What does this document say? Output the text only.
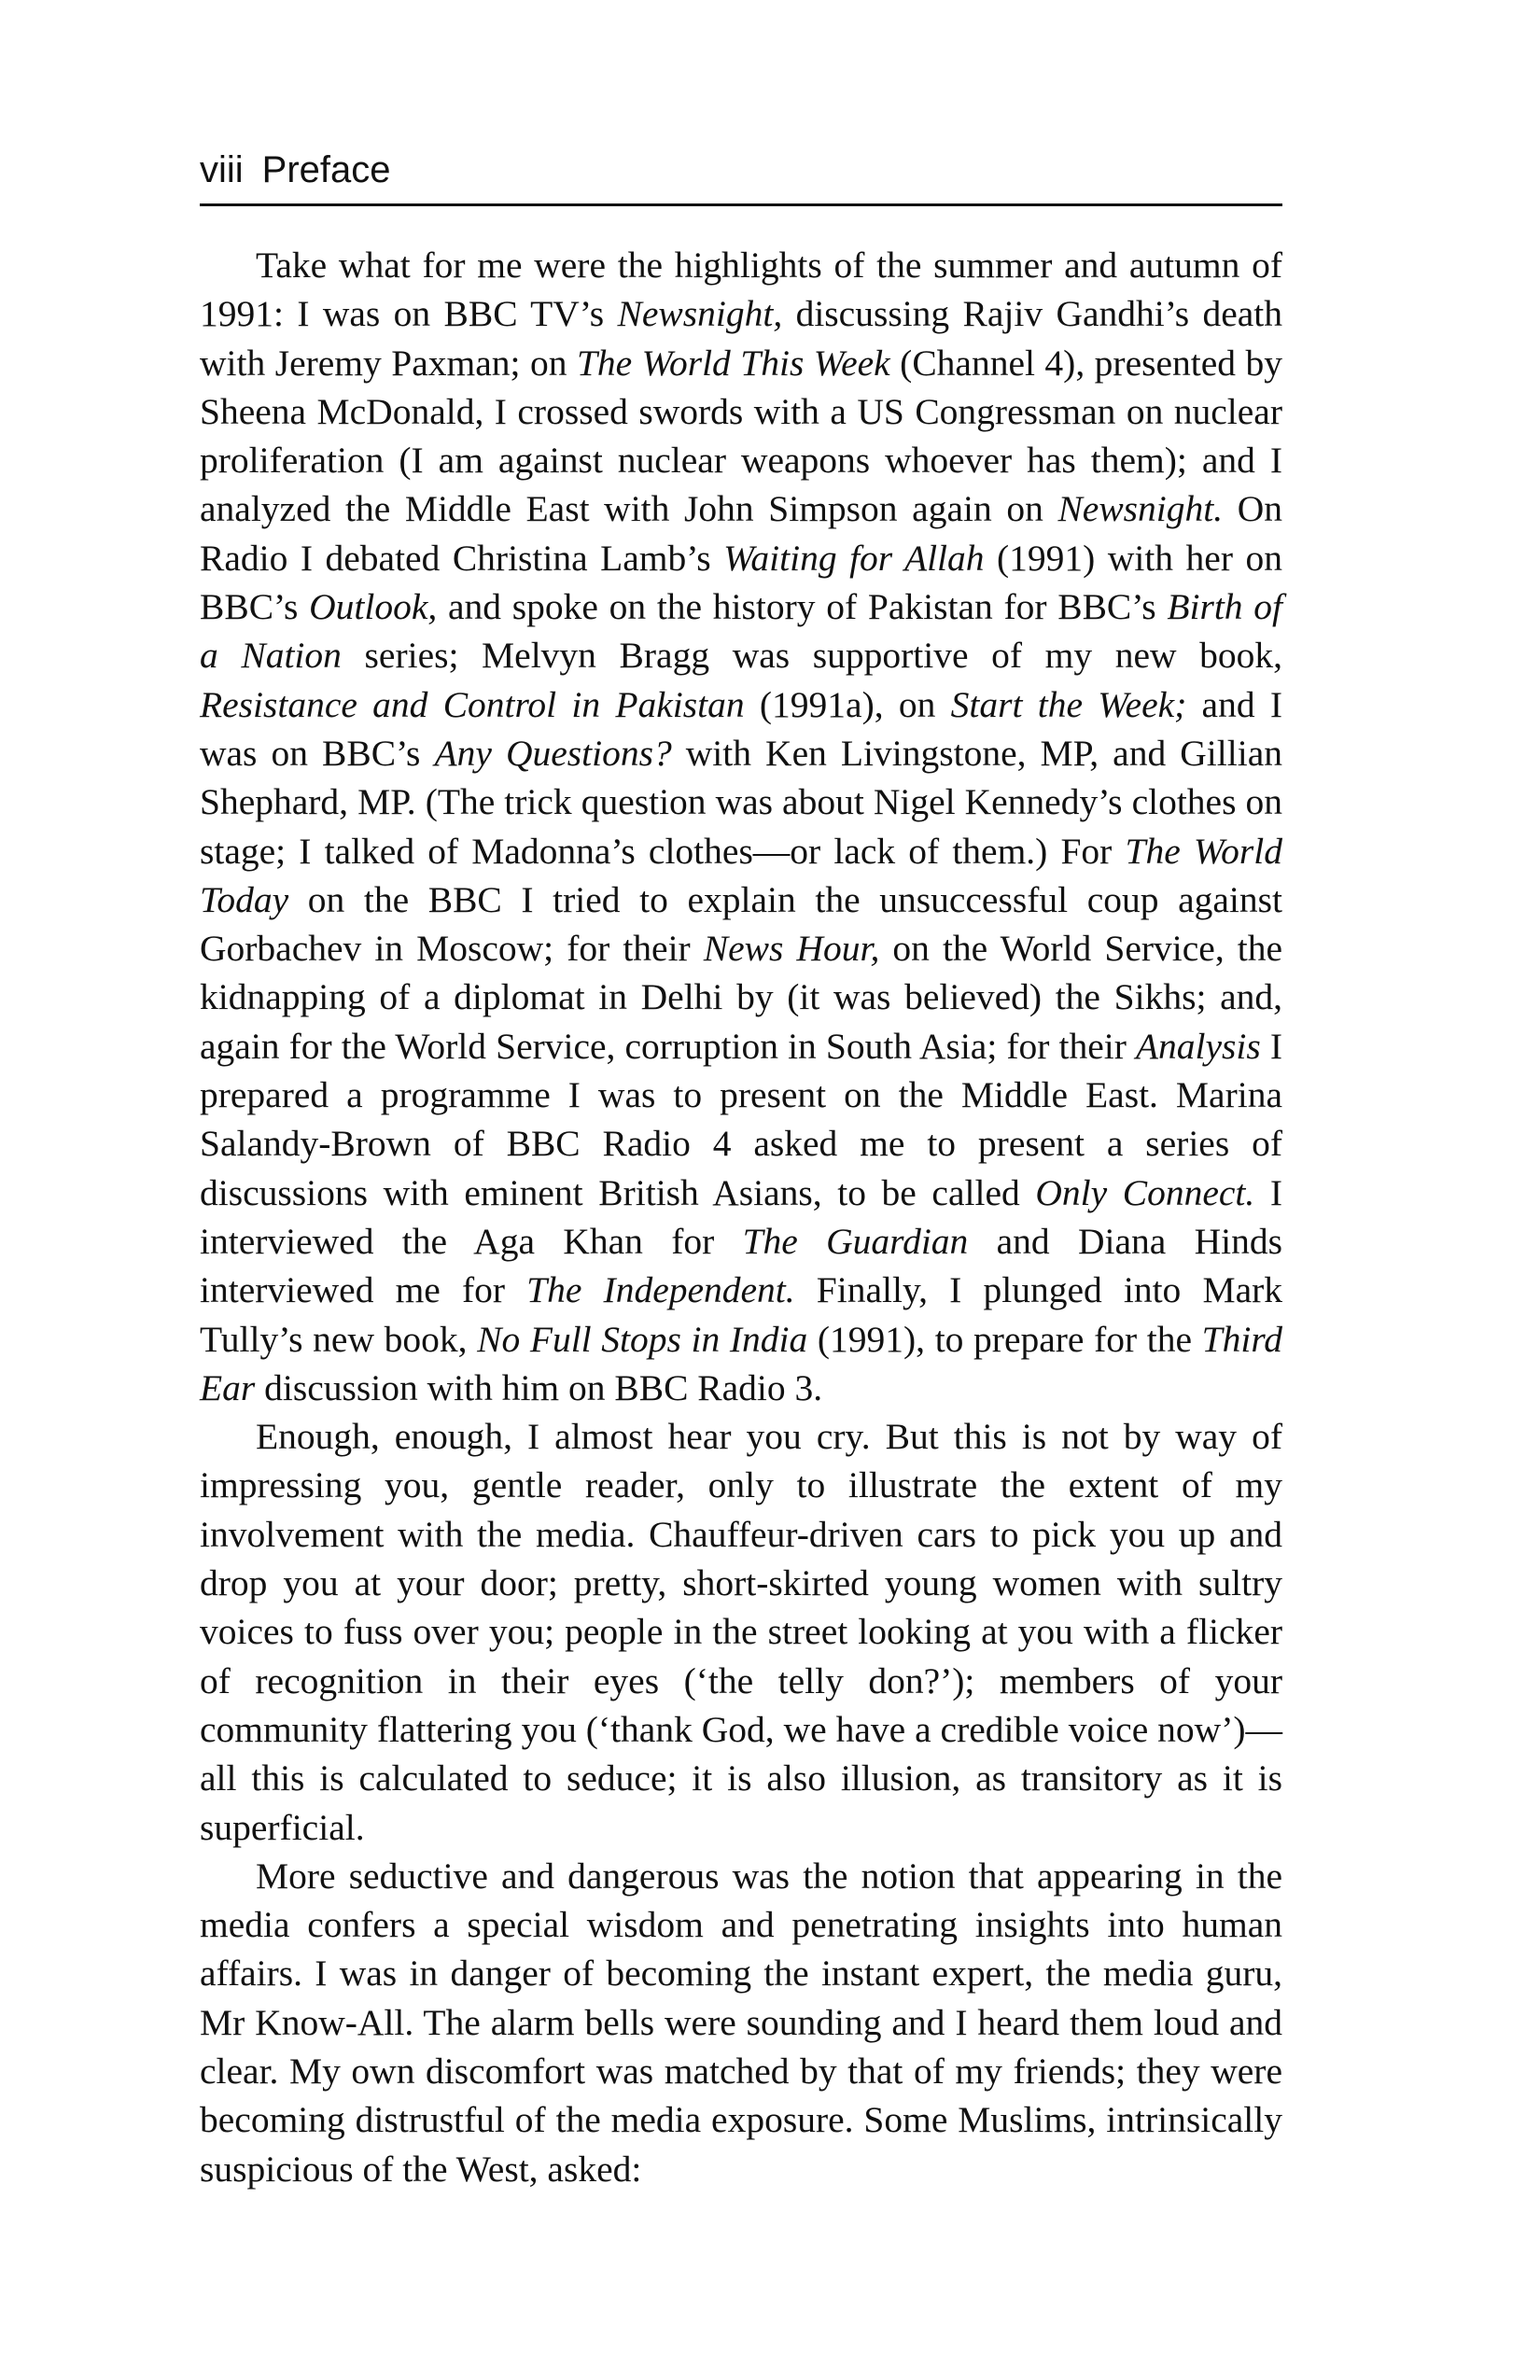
viii Preface

Take what for me were the highlights of the summer and autumn of 1991: I was on BBC TV’s Newsnight, discussing Rajiv Gandhi’s death with Jeremy Paxman; on The World This Week (Channel 4), presented by Sheena McDonald, I crossed swords with a US Congressman on nuclear proliferation (I am against nuclear weapons whoever has them); and I analyzed the Middle East with John Simpson again on Newsnight. On Radio I debated Christina Lamb’s Waiting for Allah (1991) with her on BBC’s Outlook, and spoke on the history of Pakistan for BBC’s Birth of a Nation series; Melvyn Bragg was supportive of my new book, Resistance and Control in Pakistan (1991a), on Start the Week; and I was on BBC’s Any Questions? with Ken Livingstone, MP, and Gillian Shephard, MP. (The trick question was about Nigel Kennedy’s clothes on stage; I talked of Madonna’s clothes—or lack of them.) For The World Today on the BBC I tried to explain the unsuccessful coup against Gorbachev in Moscow; for their News Hour, on the World Service, the kidnapping of a diplomat in Delhi by (it was believed) the Sikhs; and, again for the World Service, corruption in South Asia; for their Analysis I prepared a programme I was to present on the Middle East. Marina Salandy-Brown of BBC Radio 4 asked me to present a series of discussions with eminent British Asians, to be called Only Connect. I interviewed the Aga Khan for The Guardian and Diana Hinds interviewed me for The Independent. Finally, I plunged into Mark Tully’s new book, No Full Stops in India (1991), to prepare for the Third Ear discussion with him on BBC Radio 3.

Enough, enough, I almost hear you cry. But this is not by way of impressing you, gentle reader, only to illustrate the extent of my involvement with the media. Chauffeur-driven cars to pick you up and drop you at your door; pretty, short-skirted young women with sultry voices to fuss over you; people in the street looking at you with a flicker of recognition in their eyes (‘the telly don?’); members of your community flattering you (‘thank God, we have a credible voice now’)—all this is calculated to seduce; it is also illusion, as transitory as it is superficial.

More seductive and dangerous was the notion that appearing in the media confers a special wisdom and penetrating insights into human affairs. I was in danger of becoming the instant expert, the media guru, Mr Know-All. The alarm bells were sounding and I heard them loud and clear. My own discomfort was matched by that of my friends; they were becoming distrustful of the media exposure. Some Muslims, intrinsically suspicious of the West, asked:
